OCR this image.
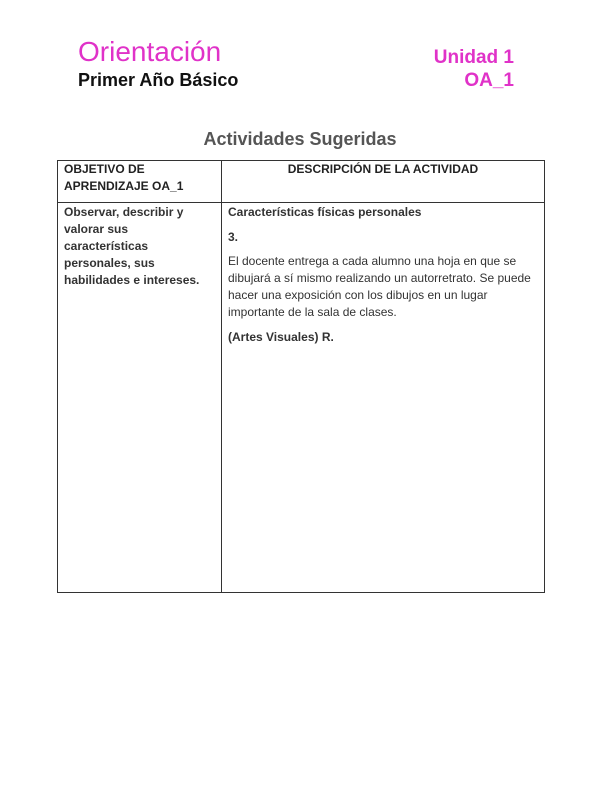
Orientación
Primer Año Básico
Unidad 1
OA_1
Actividades Sugeridas
OBJETIVO DE APRENDIZAJE OA_1	DESCRIPCIÓN DE LA ACTIVIDAD
Observar, describir y valorar sus características personales, sus habilidades e intereses.	Características físicas personales
3.
El docente entrega a cada alumno una hoja en que se dibujará a sí mismo realizando un autorretrato. Se puede hacer una exposición con los dibujos en un lugar importante de la sala de clases.
(Artes Visuales) R.
